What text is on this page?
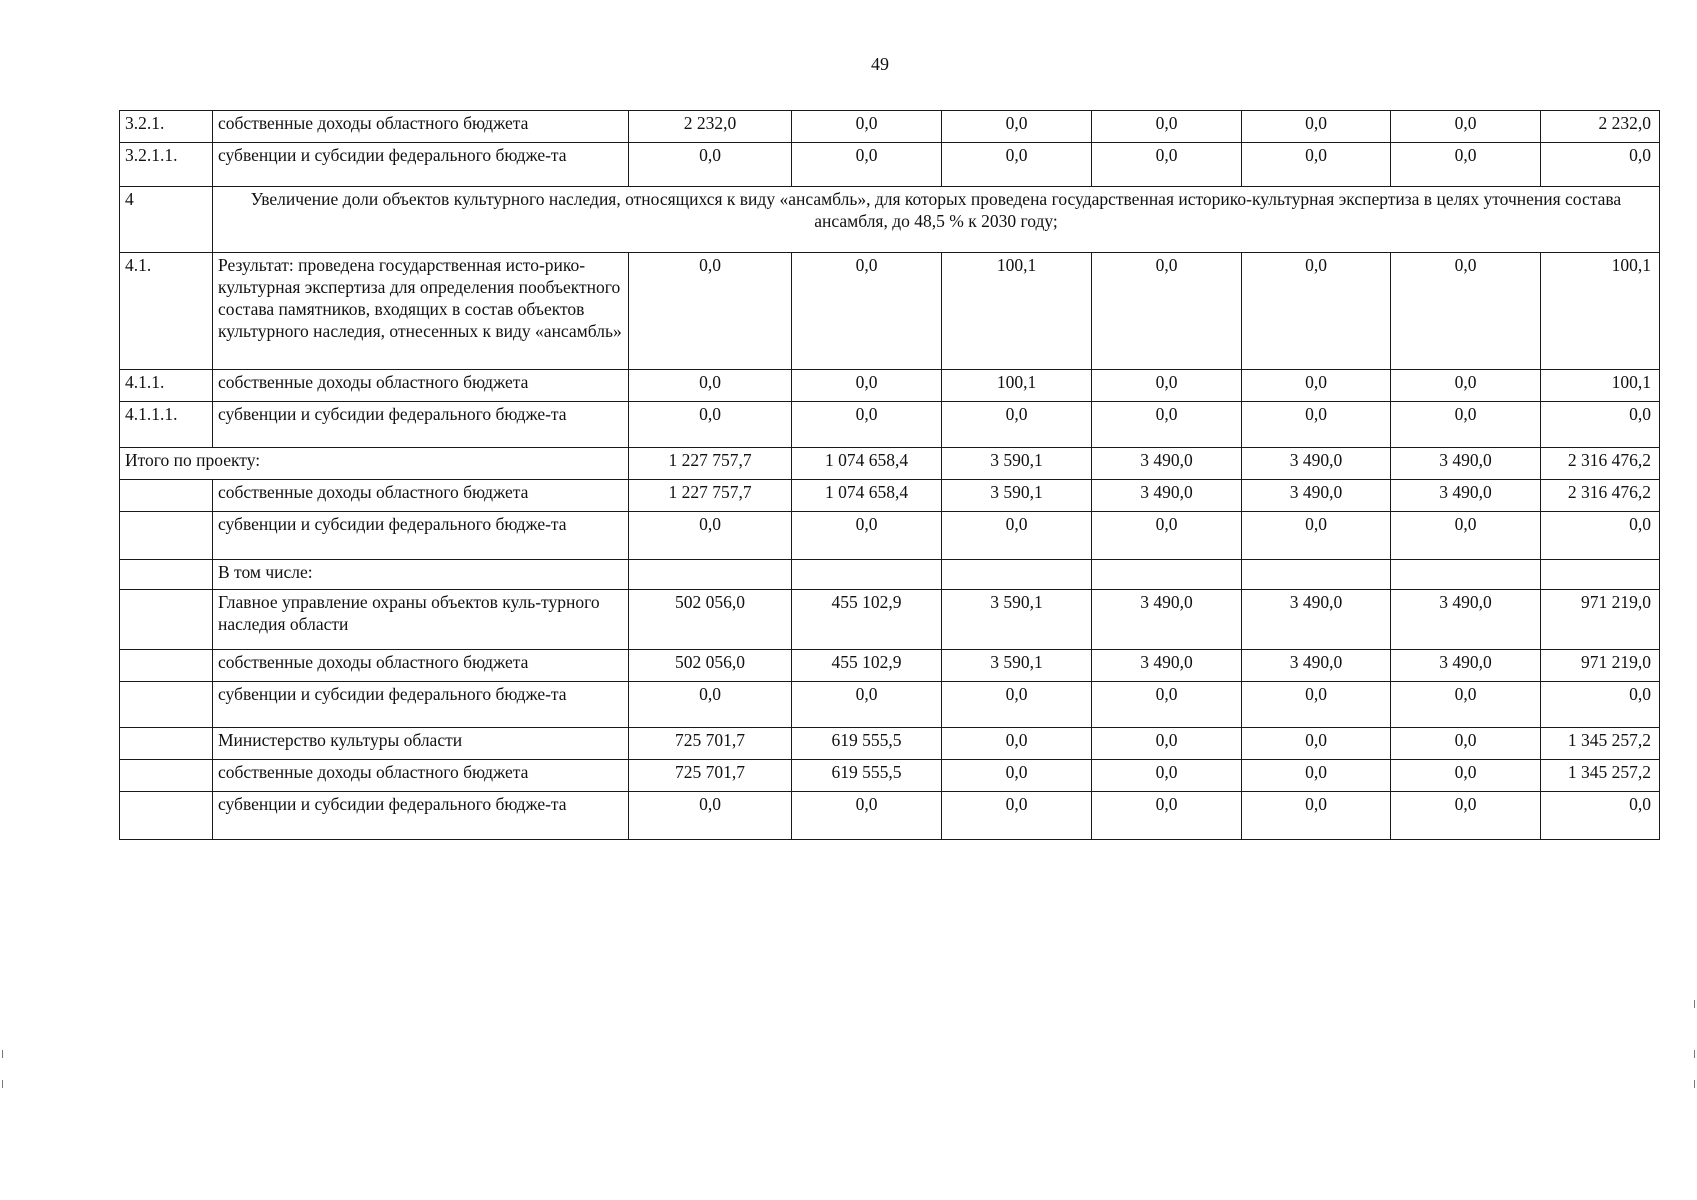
49
3.2.1.	собственные доходы областного бюджета	2 232,0	0,0	0,0	0,0	0,0	0,0	2 232,0
3.2.1.1.	субвенции и субсидии федерального бюдже-та	0,0	0,0	0,0	0,0	0,0	0,0	0,0
4	Увеличение доли объектов культурного наследия, относящихся к виду «ансамбль», для которых проведена государственная историко-культурная экспертиза в целях уточнения состава ансамбля, до 48,5 % к 2030 году;							
4.1.	Результат: проведена государственная исто-рико-культурная экспертиза для определения пообъектного состава памятников, входящих в состав объектов культурного наследия, отнесенных к виду «ансамбль»	0,0	0,0	100,1	0,0	0,0	0,0	100,1
4.1.1.	собственные доходы областного бюджета	0,0	0,0	100,1	0,0	0,0	0,0	100,1
4.1.1.1.	субвенции и субсидии федерального бюдже-та	0,0	0,0	0,0	0,0	0,0	0,0	0,0
Итого по проекту:		1 227 757,7	1 074 658,4	3 590,1	3 490,0	3 490,0	3 490,0	2 316 476,2
	собственные доходы областного бюджета	1 227 757,7	1 074 658,4	3 590,1	3 490,0	3 490,0	3 490,0	2 316 476,2
	субвенции и субсидии федерального бюдже-та	0,0	0,0	0,0	0,0	0,0	0,0	0,0
	В том числе:							
	Главное управление охраны объектов куль-турного наследия области	502 056,0	455 102,9	3 590,1	3 490,0	3 490,0	3 490,0	971 219,0
	собственные доходы областного бюджета	502 056,0	455 102,9	3 590,1	3 490,0	3 490,0	3 490,0	971 219,0
	субвенции и субсидии федерального бюдже-та	0,0	0,0	0,0	0,0	0,0	0,0	0,0
	Министерство культуры области	725 701,7	619 555,5	0,0	0,0	0,0	0,0	1 345 257,2
	собственные доходы областного бюджета	725 701,7	619 555,5	0,0	0,0	0,0	0,0	1 345 257,2
	субвенции и субсидии федерального бюдже-та	0,0	0,0	0,0	0,0	0,0	0,0	0,0
